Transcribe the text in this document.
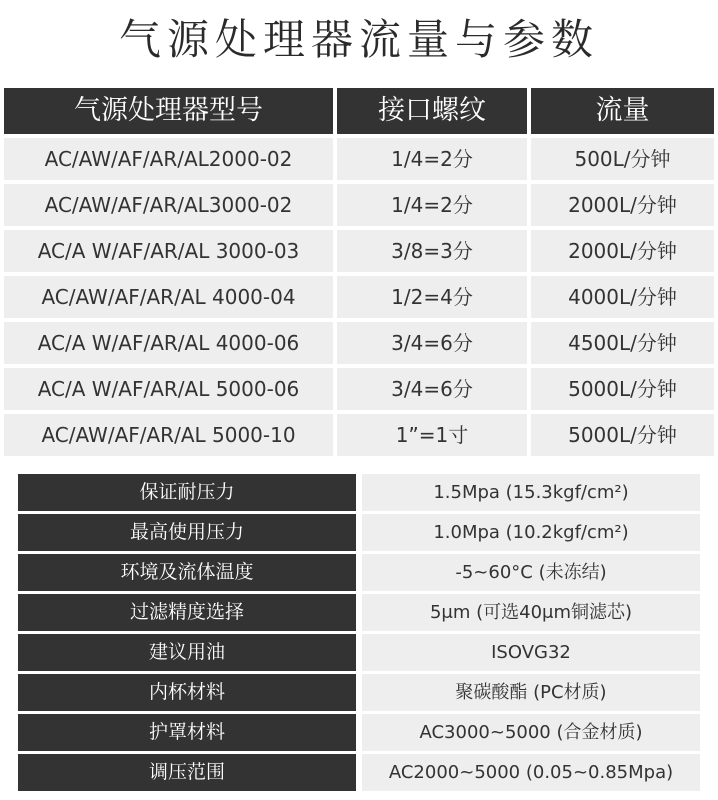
气源处理器流量与参数
气源处理器型号	接口螺纹	流量
AC/AW/AF/AR/AL2000-02	1/4=2分	500L/分钟
AC/AW/AF/AR/AL3000-02	1/4=2分	2000L/分钟
AC/A W/AF/AR/AL 3000-03	3/8=3分	2000L/分钟
AC/AW/AF/AR/AL 4000-04	1/2=4分	4000L/分钟
AC/A W/AF/AR/AL 4000-06	3/4=6分	4500L/分钟
AC/A W/AF/AR/AL 5000-06	3/4=6分	5000L/分钟
AC/AW/AF/AR/AL 5000-10	1”=1寸	5000L/分钟
保证耐压力	1.5Mpa (15.3kgf/cm²)
最高使用压力	1.0Mpa (10.2kgf/cm²)
环境及流体温度	-5~60°C (未冻结)
过滤精度选择	5μm (可选40μm铜滤芯)
建议用油	ISOVG32
内杯材料	聚碳酸酯 (PC材质)
护罩材料	AC3000~5000 (合金材质)
调压范围	AC2000~5000 (0.05~0.85Mpa)
